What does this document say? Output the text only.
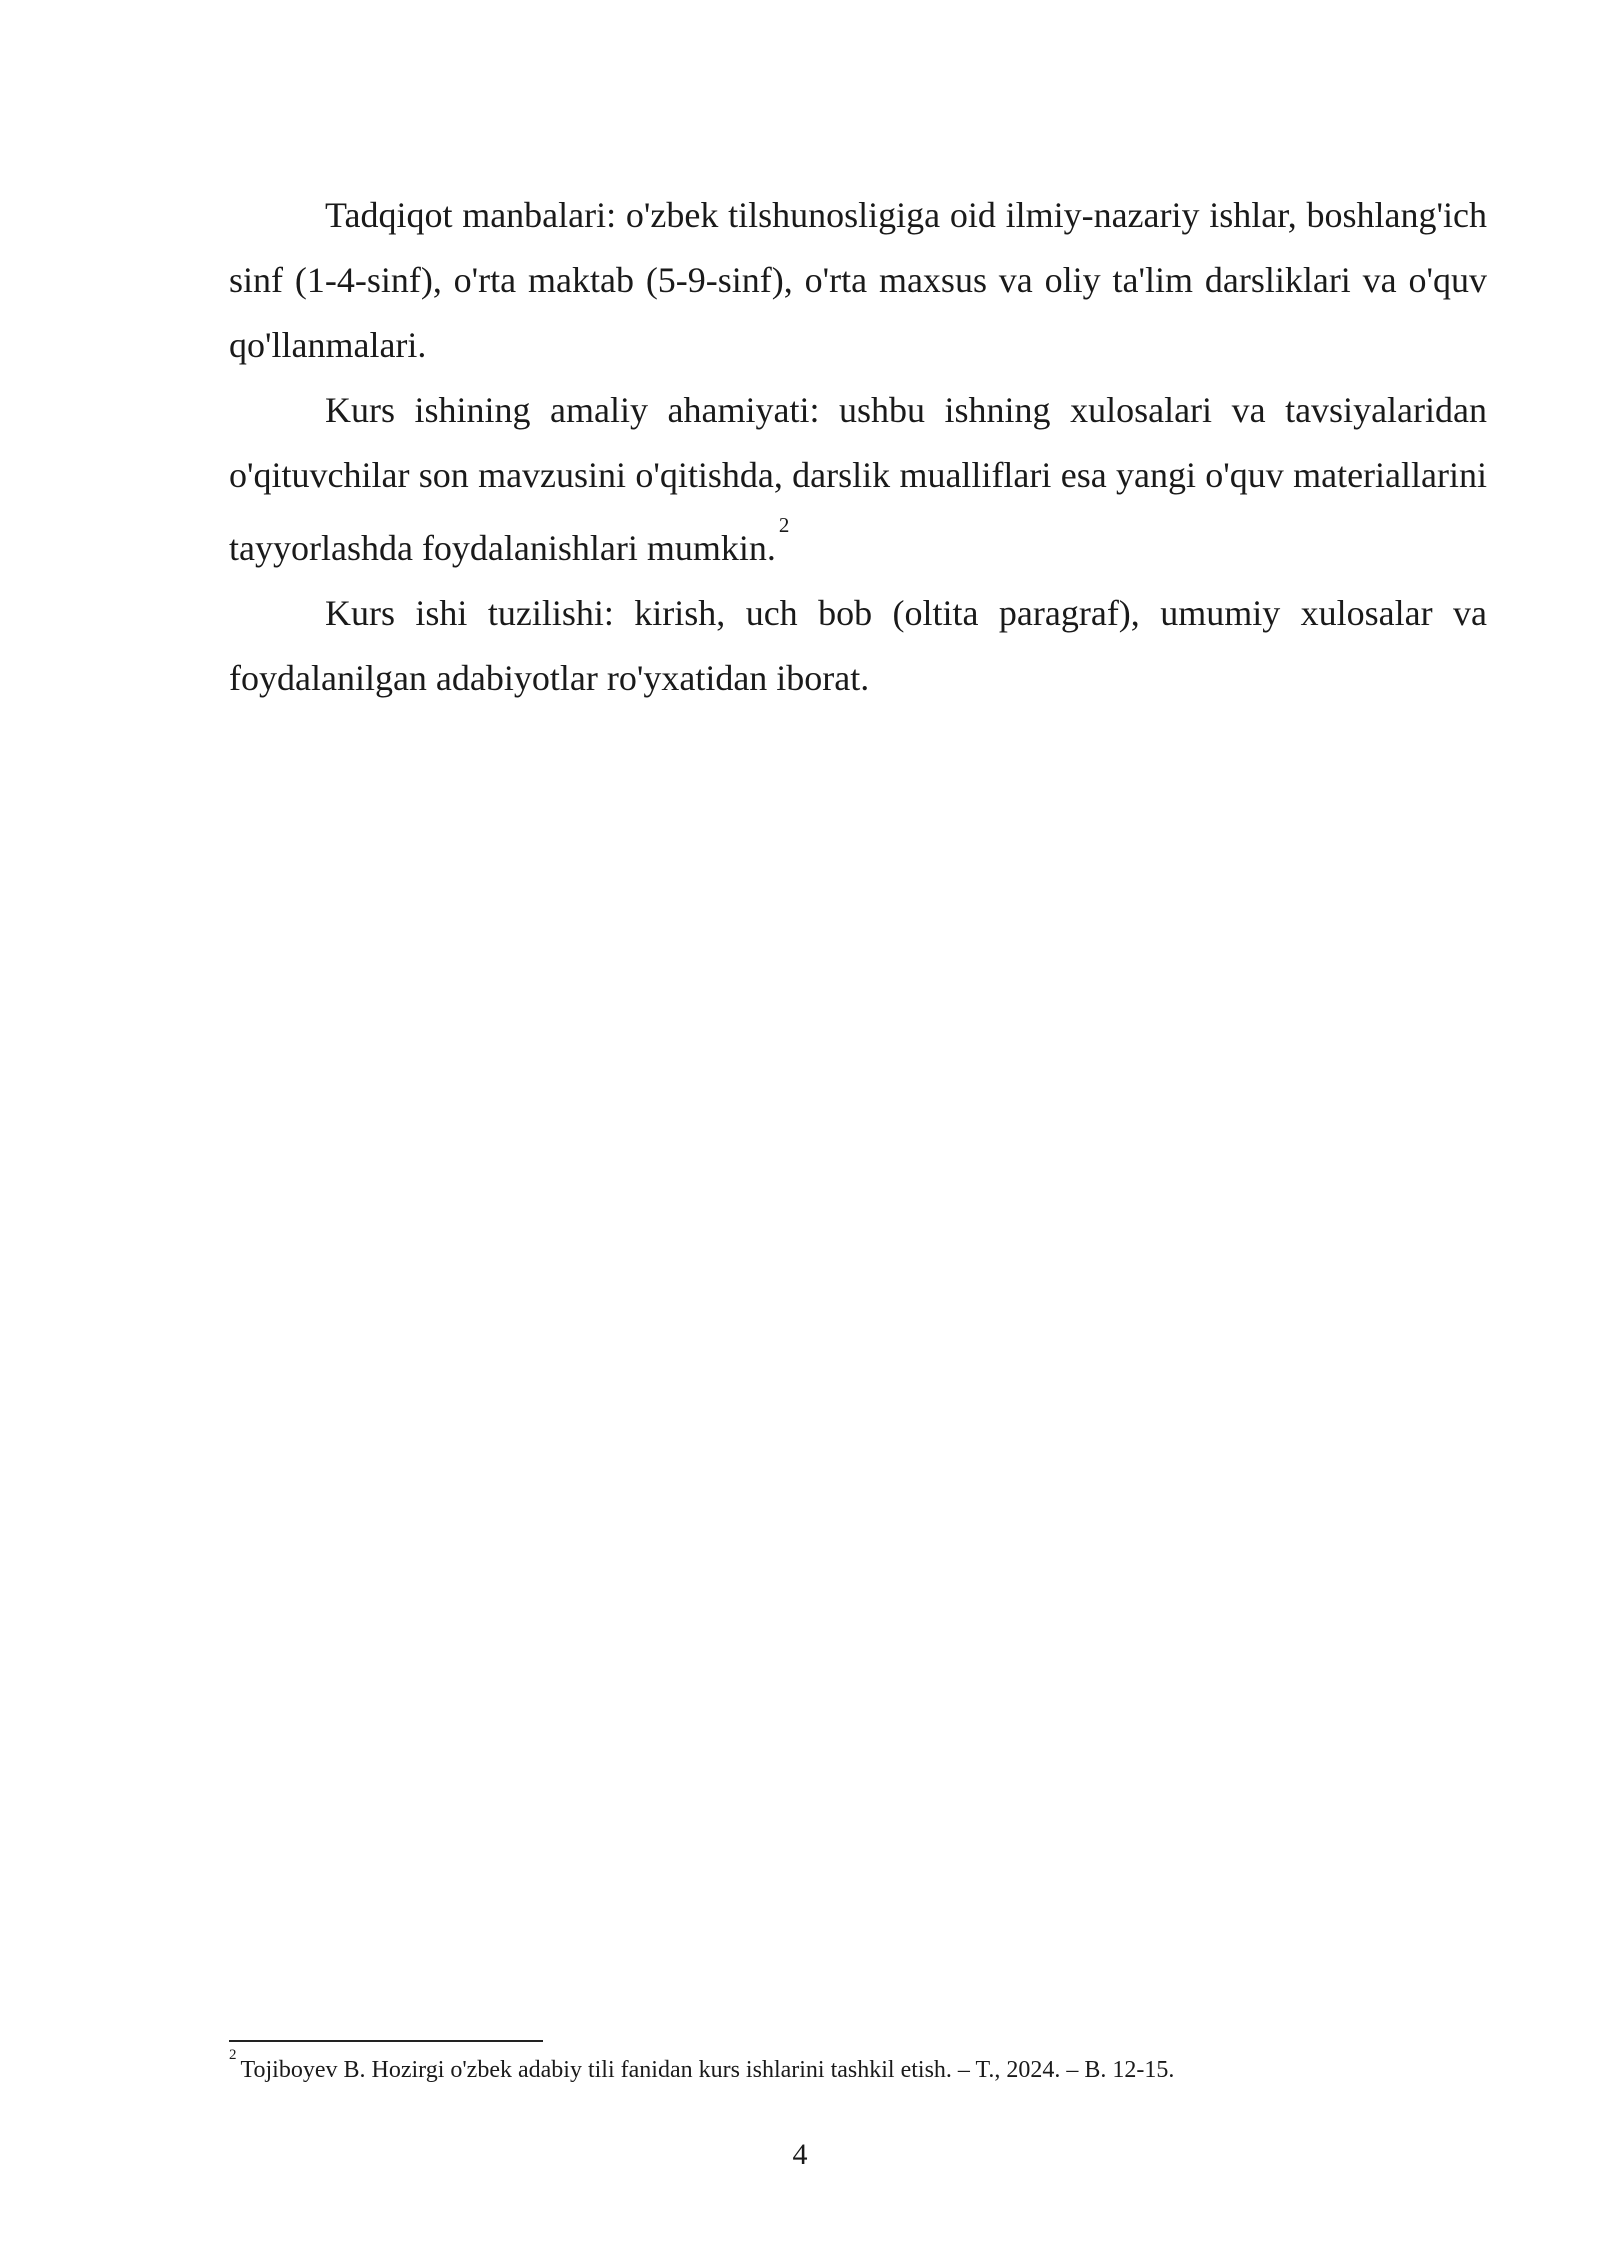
Tadqiqot manbalari: o'zbek tilshunosligiga oid ilmiy-nazariy ishlar, boshlang'ich sinf (1-4-sinf), o'rta maktab (5-9-sinf), o'rta maxsus va oliy ta'lim darsliklari va o'quv qo'llanmalari.

Kurs ishining amaliy ahamiyati: ushbu ishning xulosalari va tavsiyalaridan o'qituvchilar son mavzusini o'qitishda, darslik mualliflari esa yangi o'quv materiallarini tayyorlashda foydalanishlari mumkin.$^2$

Kurs ishi tuzilishi: kirish, uch bob (oltita paragraf), umumiy xulosalar va foydalanilgan adabiyotlar ro'yxatidan iborat.

$^2$Tojiboyev B. Hozirgi o'zbek adabiy tili fanidan kurs ishlarini tashkil etish. – T., 2024. – B. 12-15.
4
